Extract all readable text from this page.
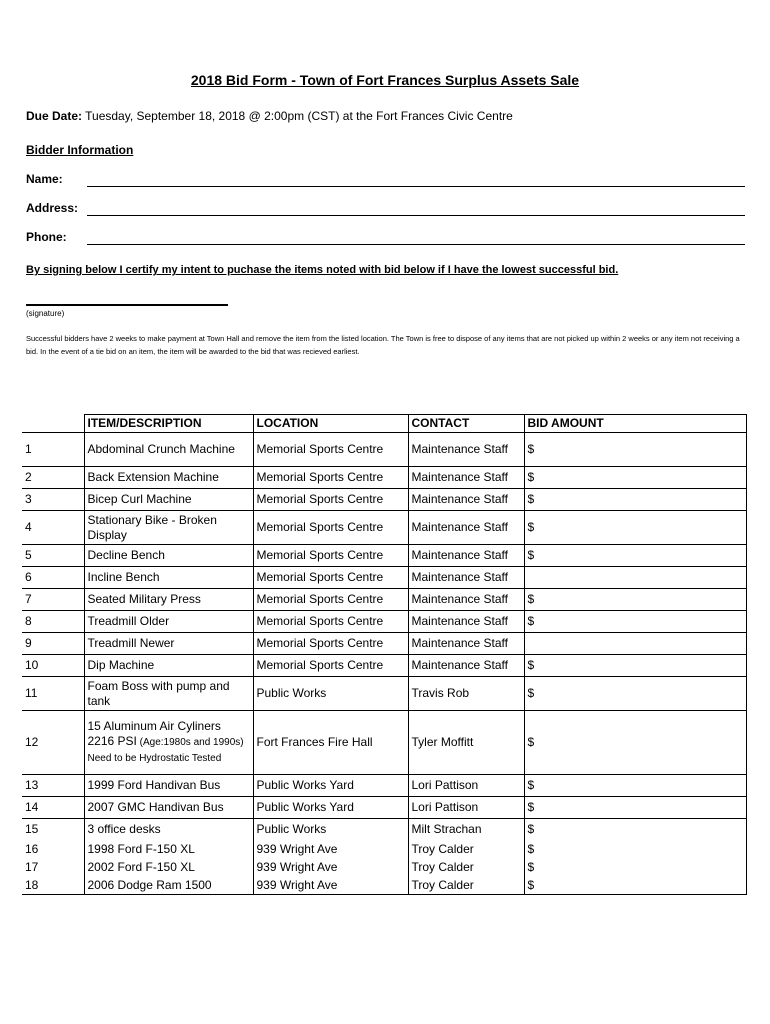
2018 Bid Form - Town of Fort Frances Surplus Assets Sale
Due Date: Tuesday, September 18, 2018 @ 2:00pm (CST) at the Fort Frances Civic Centre
Bidder Information
Name:
Address:
Phone:
By signing below I certify my intent to puchase the items noted with bid below if I have the lowest successful bid.
(signature)
Successful bidders have 2 weeks to make payment at Town Hall and remove the item from the listed location. The Town is free to dispose of any items that are not picked up within 2 weeks or any item not receiving a bid. In the event of a tie bid on an item, the item will be awarded to the bid that was recieved earliest.
	ITEM/DESCRIPTION	LOCATION	CONTACT	BID AMOUNT
1	Abdominal Crunch Machine	Memorial Sports Centre	Maintenance Staff	$
2	Back Extension Machine	Memorial Sports Centre	Maintenance Staff	$
3	Bicep Curl Machine	Memorial Sports Centre	Maintenance Staff	$
4	Stationary Bike - Broken Display	Memorial Sports Centre	Maintenance Staff	$
5	Decline Bench	Memorial Sports Centre	Maintenance Staff	$
6	Incline Bench	Memorial Sports Centre	Maintenance Staff	
7	Seated Military Press	Memorial Sports Centre	Maintenance Staff	$
8	Treadmill Older	Memorial Sports Centre	Maintenance Staff	$
9	Treadmill Newer	Memorial Sports Centre	Maintenance Staff	
10	Dip Machine	Memorial Sports Centre	Maintenance Staff	$
11	Foam Boss with pump and tank	Public Works	Travis Rob	$
12	15 Aluminum Air Cyliners 2216 PSI (Age:1980s and 1990s) Need to be Hydrostatic Tested	Fort Frances Fire Hall	Tyler Moffitt	$
13	1999 Ford Handivan Bus	Public Works Yard	Lori Pattison	$
14	2007 GMC Handivan Bus	Public Works Yard	Lori Pattison	$
15	3 office desks	Public Works	Milt Strachan	$
16	1998 Ford F-150 XL	939 Wright Ave	Troy Calder	$
17	2002 Ford F-150 XL	939 Wright Ave	Troy Calder	$
18	2006 Dodge Ram 1500	939 Wright Ave	Troy Calder	$
